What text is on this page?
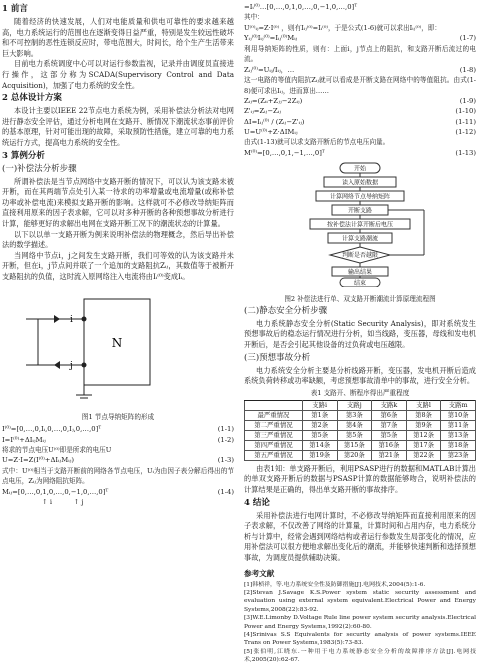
1 前言

随着经济的快速发展，人们对电能质量和供电可靠性的要求越来越高，电力系统运行的范围也在逐渐变得日益严重，特别是发生较远性破坏和不可控制的恶性连锁反应时，带电范围大，时间长，给个生产生活带来巨大影响。

目前电力系统调度中心可以对运行参数监视，记录并由调度员直接进行操作，这部分称为SCADA(Supervisory Control and Data Acquisition)，加强了电力系统的安全性。

2 总体设计方案

本设计主要以IEEE 22节点电力系统为例，采用补偿法分析法对电网进行静态安全评估，通过分析电网在支路开、断情况下潮流状态事前评价的基本原理，针对可能出现的故障，采取预防性措施，建立可靠的电力系统运行方式，提高电力系统的安全性。

3 算例分析
(一)补偿法分析步骤

所谓补偿法是当节点网络中支路开断的情况下，可以认为该支路未被开断，而在其两端节点处引入某一待求的功率增量或电流增量(或称补偿功率或补偿电流)来模拟支路开断的影响。这样就可不必修改导纳矩阵而直接利用原来的因子表求解，它可以对多种开断的各种预想事故分析进行计算，能够更好的求解出电网在支路开断工况下的潮流状态的计算量。

以下以以单一支路开断为例来说明补偿法的物理概念，然后导出补偿法的数学描述。

当网络中节点i，j之间发生支路开断，我们可等效的认为该支路并未开断，但在i，j节点间并联了一个追加的支路阻抗Zᵢⱼ，其数值等于被断开支路阻抗的负值，这时流入原网络注入电流将由Iᵢ⁽⁰⁾变成Iᵢ。

N
i
j
图1 节点导纳矩阵的形成
I⁽⁰⁾=[0,…,0,Iᵢ,0,…,0,Iⱼ,0,…,0]ᵀ	(1-1)
I=I⁽⁰⁾+ΔIᵢⱼMᵢⱼ	(1-2)

将求的节点电压U⁽⁰⁾即是所求的电压U

U=Z·I=Z(I⁽⁰⁾+ΔIᵢⱼMᵢⱼ)	(1-3)

式中：U⁽⁰⁾相当于支路开断前的网络各节点电压，Uᵢ为由因子表分解后得出的节点电压，Zᵢⱼ为网络阻抗矩阵。

Mᵢⱼ=[0,…,0,1,0,…,0,−1,0,…,0]ᵀ	(1-4)
↑ i          ↑ j
=Iᵢ⁽⁰⁾…[0,…,0,1,0,…,0,−1,0,…,0]ᵀ

其中：

U⁽⁰⁾ᵢⱼ=Z·I⁽⁰⁾ ，则有Iᵢⱼ⁽⁰⁾=Iᵢ⁽⁰⁾，于是公式(1-6)就可以求出Iᵢⱼ⁽⁰⁾，即：

Yᵢⱼ⁽⁰⁾Iᵢⱼ⁽⁰⁾=Iᵢⱼ⁽⁰⁾Mᵢⱼ	(1-7)

利用导纳矩阵的性质，则有：上面i，j节点上的阻抗，和支路开断后流过的电流。

Zᵢⱼ⁽⁰⁾=Uᵢⱼ/Iᵢⱼ，…	(1-8)

这一电路的等值内阻抗Zᵢⱼ就可以看成是开断支路在网络中的等值阻抗。由式(1-8)便可求出Iᵢⱼ，进而算出……

Zᵢⱼ=(Zᵢᵢ+Zⱼⱼ−2Zᵢⱼ)	(1-9)
Z'ᵢⱼ=Zᵢⱼ−Zᵢⱼ	(1-10)
ΔI=Iᵢⱼ⁽⁰⁾ / (Zᵢⱼ−Z'ᵢⱼ)	(1-11)
U=U⁽⁰⁾+Z·ΔIMᵢⱼ	(1-12)

由式(1-13)就可以求支路开断后的节点电压向量。

M⁽⁰⁾=[0,…,0,1,−1,…,0]ᵀ	(1-13)
开始
读入原始数据
计算网络节点导纳矩阵
开断支路
按补偿法计算开断后电压
计算支路潮流
判断是否越限
输出结果
结束
图2 补偿法进行单、双支路开断潮流计算原理流程图
(二)静态安全分析步骤

电力系统静态安全分析(Static Security Analysis)，即对系统发生预想事故后的稳态运行情况进行分析，如当线路，变压器，母线和发电机开断后，是否会引起其他设备的过负荷或电压越限。

(三)预想事故分析

电力系统安全分析主要是分析线路开断，变压器，发电机开断后造成系统负荷转移或功率缺额，考虑预想事故清单中的事故，进行安全分析。

表1 支路开、断程序得出严重程度
	支路i	支路j	支路k	支路l	支路m
最严重情况	第1条	第3条	第6条	第8条	第10条
第二严重情况	第2条	第4条	第7条	第9条	第11条
第三严重情况	第5条	第5条	第5条	第12条	第13条
第四严重情况	第14条	第15条	第16条	第17条	第18条
第五严重情况	第19条	第20条	第21条	第22条	第23条

由表1知：单支路开断后，利用PSASP进行的数据和MATLAB计算出的单双支路开断后的数据与PSASP计算的数据能够吻合，说明补偿法的计算结果是正确的，得出单支路开断的事故排序。

4 结论

采用补偿法进行电网计算时，不必修改导纳矩阵而直接利用原来的因子表求解，不仅改善了网络的计算量，计算时间和占用内存，电力系统分析与计算中，经常会遇到网络结构或者运行参数发生局部变化的情况，应用补偿法可以很方便地求解出变化后的潮流，并能够快速判断和选择预想事故，为调度员提供辅助决策。

参考文献

[1]韩桢祥，等.电力系统安全性及防御措施[J].电网技术,2004(5):1-6.

[2]Stevan J.Savage K.S.Power system static security assessment and evaluation using external system equivalent.Electrical Power and Energy Systems,2008(22):83-92.

[3]W.E.Limonby D.Voltage Rule line power system security analysis.Electrical Power and Energy Systems,1992(2):60-80.

[4]Srinivas S.S Equivalents for security analysis of power systems.IEEE Trans on Power Systems,1983(5):73-83.

[5]张伯明,江晓东.一种用于电力系统静态安全分析的故障排序方法[J].电网技术,2005(20):62-67.
